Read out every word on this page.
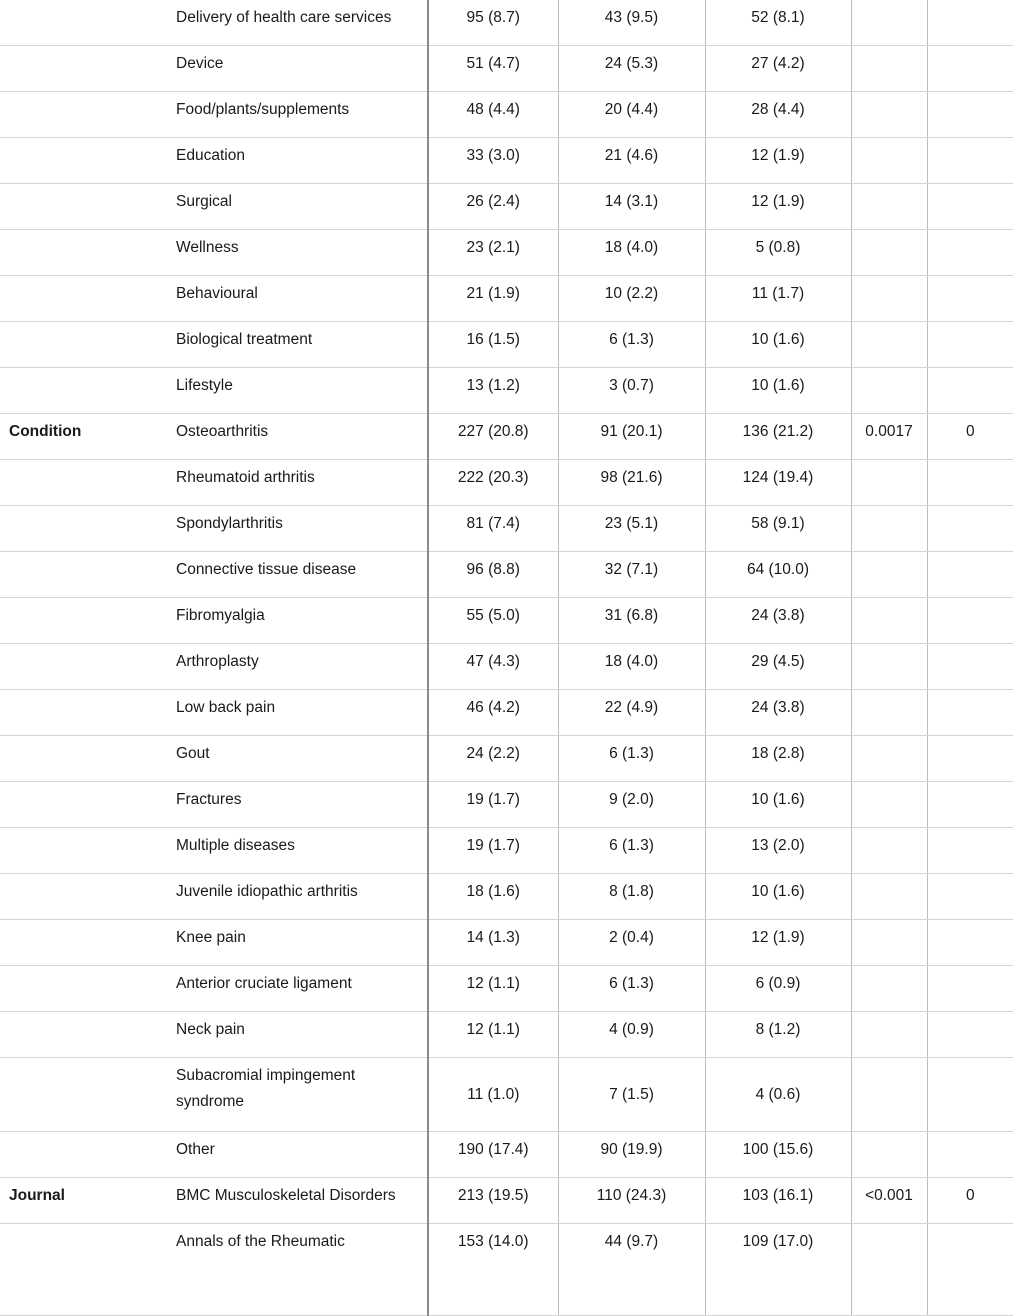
	Delivery of health care services	95 (8.7)	43 (9.5)	52 (8.1)		

	Device	51 (4.7)	24 (5.3)	27 (4.2)		

	Food/plants/supplements	48 (4.4)	20 (4.4)	28 (4.4)		

	Education	33 (3.0)	21 (4.6)	12 (1.9)		

	Surgical	26 (2.4)	14 (3.1)	12 (1.9)		

	Wellness	23 (2.1)	18 (4.0)	5 (0.8)		

	Behavioural	21 (1.9)	10 (2.2)	11 (1.7)		

	Biological treatment	16 (1.5)	6 (1.3)	10 (1.6)		

	Lifestyle	13 (1.2)	3 (0.7)	10 (1.6)		

Condition	Osteoarthritis	227 (20.8)	91 (20.1)	136 (21.2)	0.0017	0

	Rheumatoid arthritis	222 (20.3)	98 (21.6)	124 (19.4)		

	Spondylarthritis	81 (7.4)	23 (5.1)	58 (9.1)		

	Connective tissue disease	96 (8.8)	32 (7.1)	64 (10.0)		

	Fibromyalgia	55 (5.0)	31 (6.8)	24 (3.8)		

	Arthroplasty	47 (4.3)	18 (4.0)	29 (4.5)		

	Low back pain	46 (4.2)	22 (4.9)	24 (3.8)		

	Gout	24 (2.2)	6 (1.3)	18 (2.8)		

	Fractures	19 (1.7)	9 (2.0)	10 (1.6)		

	Multiple diseases	19 (1.7)	6 (1.3)	13 (2.0)		

	Juvenile idiopathic arthritis	18 (1.6)	8 (1.8)	10 (1.6)		

	Knee pain	14 (1.3)	2 (0.4)	12 (1.9)		

	Anterior cruciate ligament	12 (1.1)	6 (1.3)	6 (0.9)		

	Neck pain	12 (1.1)	4 (0.9)	8 (1.2)		

	Subacromial impingement syndrome	11 (1.0)	7 (1.5)	4 (0.6)		

	Other	190 (17.4)	90 (19.9)	100 (15.6)		

Journal	BMC Musculoskeletal Disorders	213 (19.5)	110 (24.3)	103 (16.1)	<0.001	0

	Annals of the Rheumatic	153 (14.0)	44 (9.7)	109 (17.0)		
